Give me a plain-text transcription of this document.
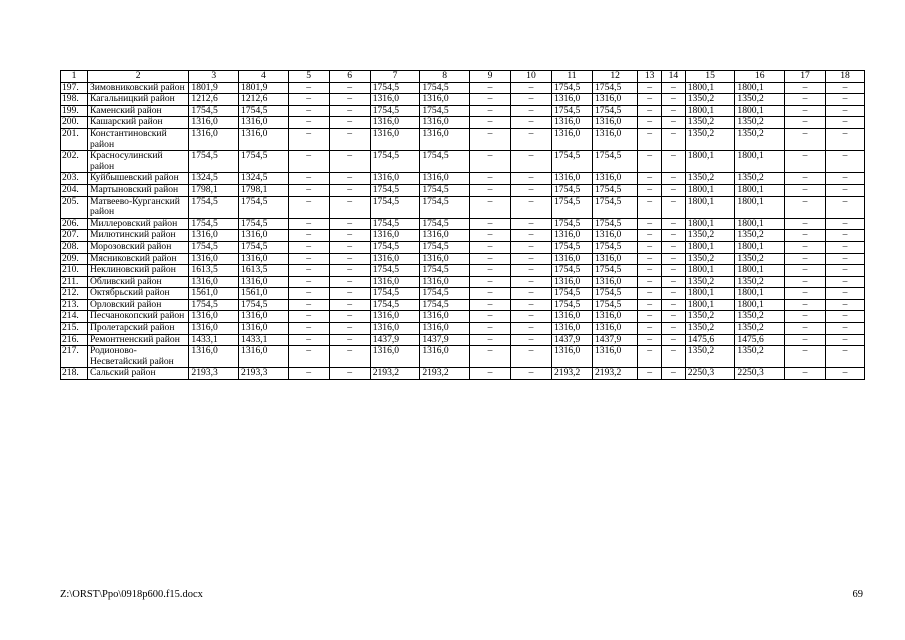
1	2	3	4	5	6	7	8	9	10	11	12	13	14	15	16	17	18
197.	Зимовниковский район	1801,9	1801,9	–	–	1754,5	1754,5	–	–	1754,5	1754,5	–	–	1800,1	1800,1	–	–
198.	Кагальницкий район	1212,6	1212,6	–	–	1316,0	1316,0	–	–	1316,0	1316,0	–	–	1350,2	1350,2	–	–
199.	Каменский район	1754,5	1754,5	–	–	1754,5	1754,5	–	–	1754,5	1754,5	–	–	1800,1	1800,1	–	–
200.	Кашарский район	1316,0	1316,0	–	–	1316,0	1316,0	–	–	1316,0	1316,0	–	–	1350,2	1350,2	–	–
201.	Константиновский район	1316,0	1316,0	–	–	1316,0	1316,0	–	–	1316,0	1316,0	–	–	1350,2	1350,2	–	–
202.	Красносулинский район	1754,5	1754,5	–	–	1754,5	1754,5	–	–	1754,5	1754,5	–	–	1800,1	1800,1	–	–
203.	Куйбышевский район	1324,5	1324,5	–	–	1316,0	1316,0	–	–	1316,0	1316,0	–	–	1350,2	1350,2	–	–
204.	Мартыновский район	1798,1	1798,1	–	–	1754,5	1754,5	–	–	1754,5	1754,5	–	–	1800,1	1800,1	–	–
205.	Матвеево-Курганский район	1754,5	1754,5	–	–	1754,5	1754,5	–	–	1754,5	1754,5	–	–	1800,1	1800,1	–	–
206.	Миллеровский район	1754,5	1754,5	–	–	1754,5	1754,5	–	–	1754,5	1754,5	–	–	1800,1	1800,1	–	–
207.	Милютинский район	1316,0	1316,0	–	–	1316,0	1316,0	–	–	1316,0	1316,0	–	–	1350,2	1350,2	–	–
208.	Морозовский район	1754,5	1754,5	–	–	1754,5	1754,5	–	–	1754,5	1754,5	–	–	1800,1	1800,1	–	–
209.	Мясниковский район	1316,0	1316,0	–	–	1316,0	1316,0	–	–	1316,0	1316,0	–	–	1350,2	1350,2	–	–
210.	Неклиновский район	1613,5	1613,5	–	–	1754,5	1754,5	–	–	1754,5	1754,5	–	–	1800,1	1800,1	–	–
211.	Обливский район	1316,0	1316,0	–	–	1316,0	1316,0	–	–	1316,0	1316,0	–	–	1350,2	1350,2	–	–
212.	Октябрьский район	1561,0	1561,0	–	–	1754,5	1754,5	–	–	1754,5	1754,5	–	–	1800,1	1800,1	–	–
213.	Орловский район	1754,5	1754,5	–	–	1754,5	1754,5	–	–	1754,5	1754,5	–	–	1800,1	1800,1	–	–
214.	Песчанокопский район	1316,0	1316,0	–	–	1316,0	1316,0	–	–	1316,0	1316,0	–	–	1350,2	1350,2	–	–
215.	Пролетарский район	1316,0	1316,0	–	–	1316,0	1316,0	–	–	1316,0	1316,0	–	–	1350,2	1350,2	–	–
216.	Ремонтненский район	1433,1	1433,1	–	–	1437,9	1437,9	–	–	1437,9	1437,9	–	–	1475,6	1475,6	–	–
217.	Родионово-Несветайский район	1316,0	1316,0	–	–	1316,0	1316,0	–	–	1316,0	1316,0	–	–	1350,2	1350,2	–	–
218.	Сальский район	2193,3	2193,3	–	–	2193,2	2193,2	–	–	2193,2	2193,2	–	–	2250,3	2250,3	–	–
Z:\ORST\Ppo\0918p600.f15.docx	69
